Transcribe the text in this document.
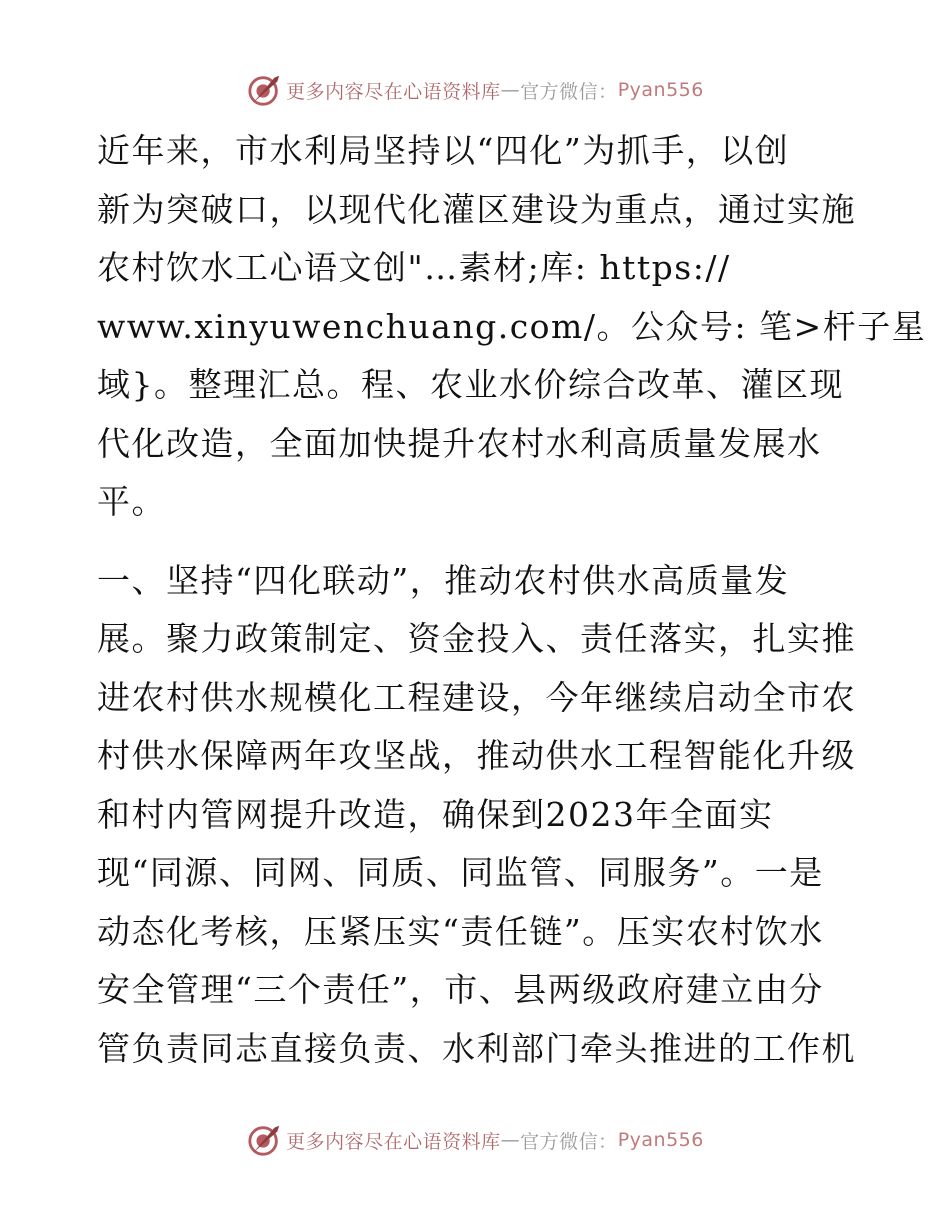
更多内容尽在心语资料库 — 官方微信： Pyan556
近年来，市水利局坚持以“四化”为抓手，以创
新为突破口，以现代化灌区建设为重点，通过实施
农村饮水工心语文创"…素材;库: https://
www.xinyuwenchuang.com/。公众号: 笔>杆子星
域}。整理汇总。程、农业水价综合改革、灌区现
代化改造，全面加快提升农村水利高质量发展水
平。
一、坚持“四化联动”，推动农村供水高质量发
展。聚力政策制定、资金投入、责任落实，扎实推
进农村供水规模化工程建设，今年继续启动全市农
村供水保障两年攻坚战，推动供水工程智能化升级
和村内管网提升改造，确保到2023年全面实
现“同源、同网、同质、同监管、同服务”。一是
动态化考核，压紧压实“责任链”。压实农村饮水
安全管理“三个责任”，市、县两级政府建立由分
管负责同志直接负责、水利部门牵头推进的工作机
更多内容尽在心语资料库 — 官方微信： Pyan556
